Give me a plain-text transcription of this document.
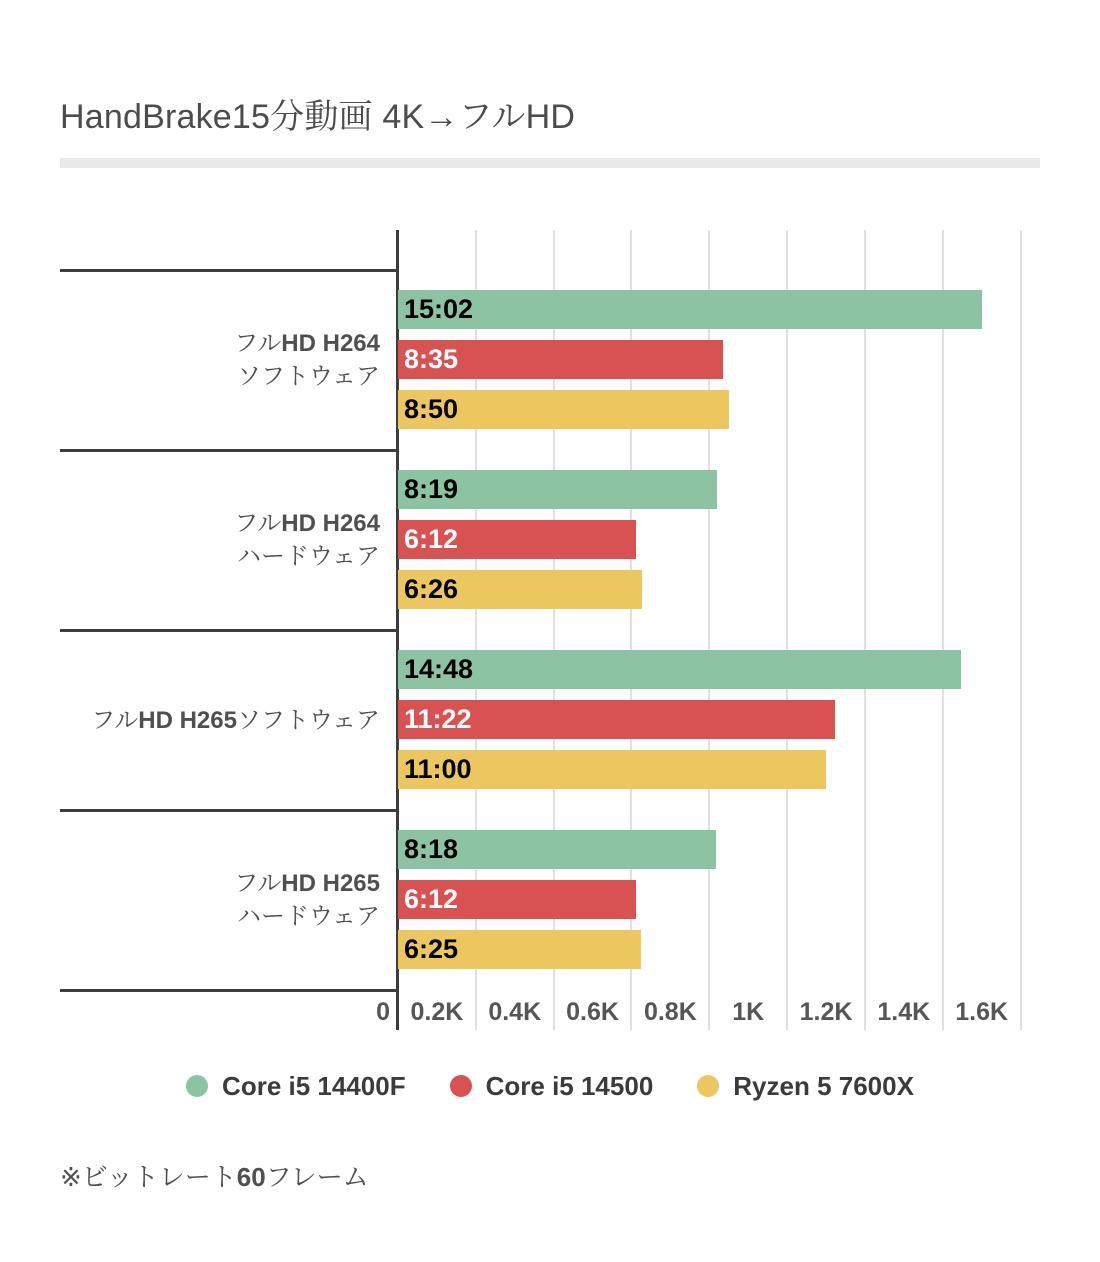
HandBrake15分動画 4K→フルHD
フルHD H264
ソフトウェア
フルHD H264
ハードウェア
フルHD H265ソフトウェア
フルHD H265
ハードウェア
15:02
8:19
14:48
8:18
8:35
6:12
11:22
6:12
8:50
6:26
11:00
6:25
0 0.2K	0.4K	0.6K	0.8K	1K	1.2K	1.4K	1.6K
Core i5 14400F	Core i5 14500	Ryzen 5 7600X
※ビットレート60フレーム
